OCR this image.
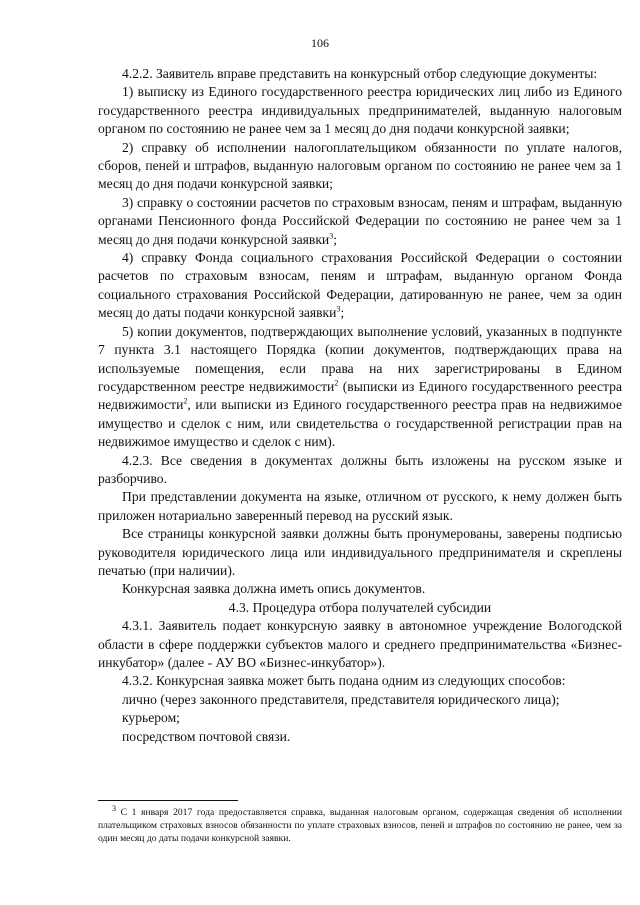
106

4.2.2. Заявитель вправе представить на конкурсный отбор следующие документы:

1) выписку из Единого государственного реестра юридических лиц либо из Единого государственного реестра индивидуальных предпринимателей, выданную налоговым органом по состоянию не ранее чем за 1 месяц до дня подачи конкурсной заявки;

2) справку об исполнении налогоплательщиком обязанности по уплате налогов, сборов, пеней и штрафов, выданную налоговым органом по состоянию не ранее чем за 1 месяц до дня подачи конкурсной заявки;

3) справку о состоянии расчетов по страховым взносам, пеням и штрафам, выданную органами Пенсионного фонда Российской Федерации по состоянию не ранее чем за 1 месяц до дня подачи конкурсной заявки$^3$;

4) справку Фонда социального страхования Российской Федерации о состоянии расчетов по страховым взносам, пеням и штрафам, выданную органом Фонда социального страхования Российской Федерации, датированную не ранее, чем за один месяц до даты подачи конкурсной заявки$^3$;

5) копии документов, подтверждающих выполнение условий, указанных в подпункте 7 пункта 3.1 настоящего Порядка (копии документов, подтверждающих права на используемые помещения, если права на них зарегистрированы в Едином государственном реестре недвижимости$^2$ (выписки из Единого государственного реестра недвижимости$^2$, или выписки из Единого государственного реестра прав на недвижимое имущество и сделок с ним, или свидетельства о государственной регистрации прав на недвижимое имущество и сделок с ним).

4.2.3. Все сведения в документах должны быть изложены на русском языке и разборчиво.

При представлении документа на языке, отличном от русского, к нему должен быть приложен нотариально заверенный перевод на русский язык.

Все страницы конкурсной заявки должны быть пронумерованы, заверены подписью руководителя юридического лица или индивидуального предпринимателя и скреплены печатью (при наличии).

Конкурсная заявка должна иметь опись документов.

4.3. Процедура отбора получателей субсидии

4.3.1. Заявитель подает конкурсную заявку в автономное учреждение Вологодской области в сфере поддержки субъектов малого и среднего предпринимательства «Бизнес-инкубатор» (далее - АУ ВО «Бизнес-инкубатор»).

4.3.2. Конкурсная заявка может быть подана одним из следующих способов:

лично (через законного представителя, представителя юридического лица);

курьером;

посредством почтовой связи.

$^3$ С 1 января 2017 года предоставляется справка, выданная налоговым органом, содержащая сведения об исполнении плательщиком страховых взносов обязанности по уплате страховых взносов, пеней и штрафов по состоянию не ранее, чем за один месяц до даты подачи конкурсной заявки.
